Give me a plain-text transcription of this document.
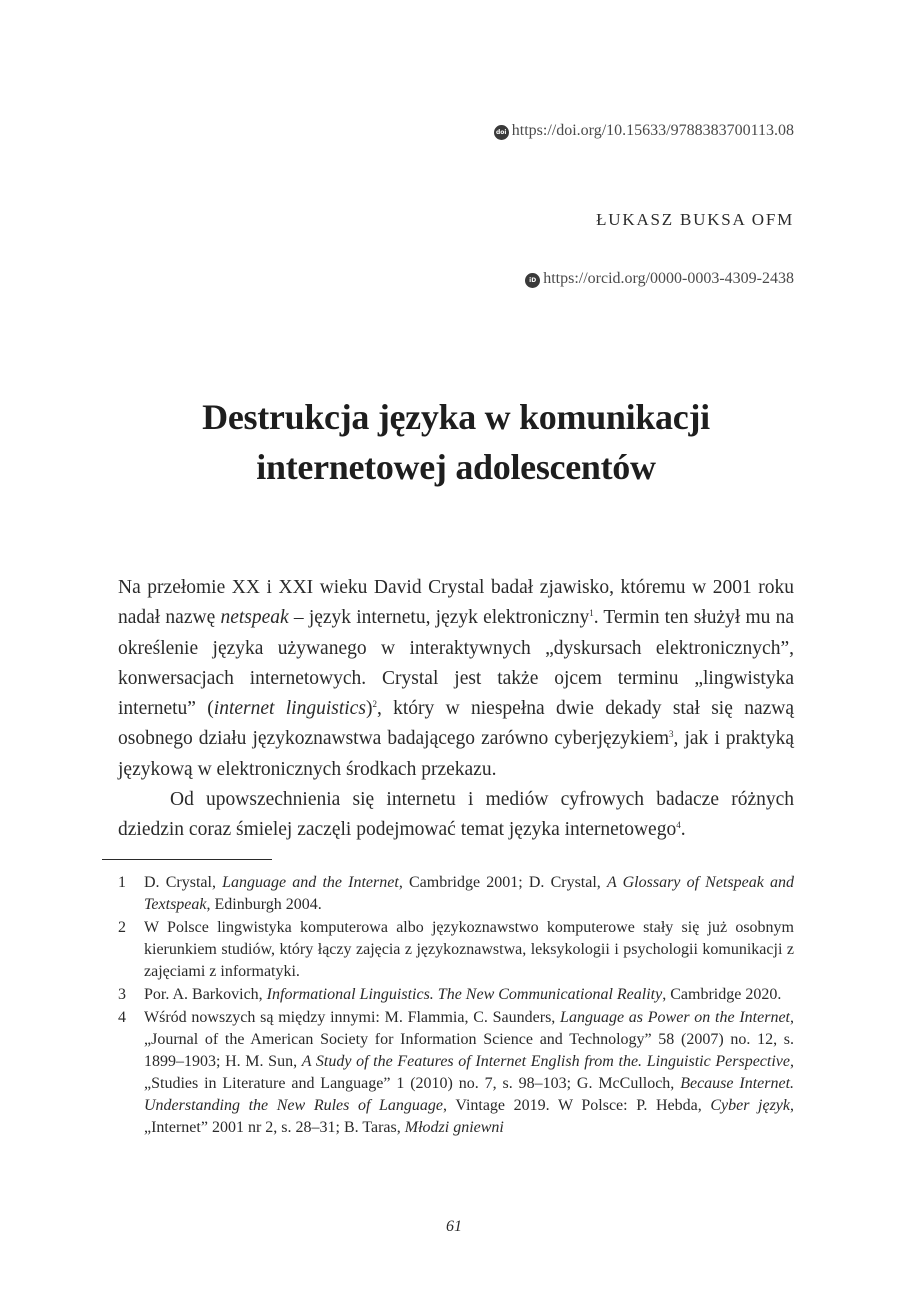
doi https://doi.org/10.15633/9788383700113.08
ŁUKASZ BUKSA OFM
iD https://orcid.org/0000-0003-4309-2438
Destrukcja języka w komunikacji
internetowej adolescentów

Na przełomie XX i XXI wieku David Crystal badał zjawisko, któremu w 2001 roku nadał nazwę netspeak – język internetu, język elektroniczny$^1$. Termin ten służył mu na określenie języka używanego w interaktywnych „dyskursach elektronicznych”, konwersacjach internetowych. Crystal jest także ojcem terminu „lingwistyka internetu” (internet linguistics)$^2$, który w niespełna dwie dekady stał się nazwą osobnego działu językoznawstwa badającego zarówno cyberjęzykiem$^3$, jak i praktyką językową w elektronicznych środkach przekazu.

Od upowszechnienia się internetu i mediów cyfrowych badacze różnych dziedzin coraz śmielej zaczęli podejmować temat języka internetowego$^4$.

1 D. Crystal, Language and the Internet, Cambridge 2001; D. Crystal, A Glossary of Netspeak and Textspeak, Edinburgh 2004.
2 W Polsce lingwistyka komputerowa albo językoznawstwo komputerowe stały się już osobnym kierunkiem studiów, który łączy zajęcia z językoznawstwa, leksykologii i psychologii komunikacji z zajęciami z informatyki.
3 Por. A. Barkovich, Informational Linguistics. The New Communicational Reality, Cambridge 2020.
4 Wśród nowszych są między innymi: M. Flammia, C. Saunders, Language as Power on the Internet, „Journal of the American Society for Information Science and Technology” 58 (2007) no. 12, s. 1899–1903; H. M. Sun, A Study of the Features of Internet English from the. Linguistic Perspective, „Studies in Literature and Language” 1 (2010) no. 7, s. 98–103; G. McCulloch, Because Internet. Understanding the New Rules of Language, Vintage 2019. W Polsce: P. Hebda, Cyber język, „Internet” 2001 nr 2, s. 28–31; B. Taras, Młodzi gniewni
61
